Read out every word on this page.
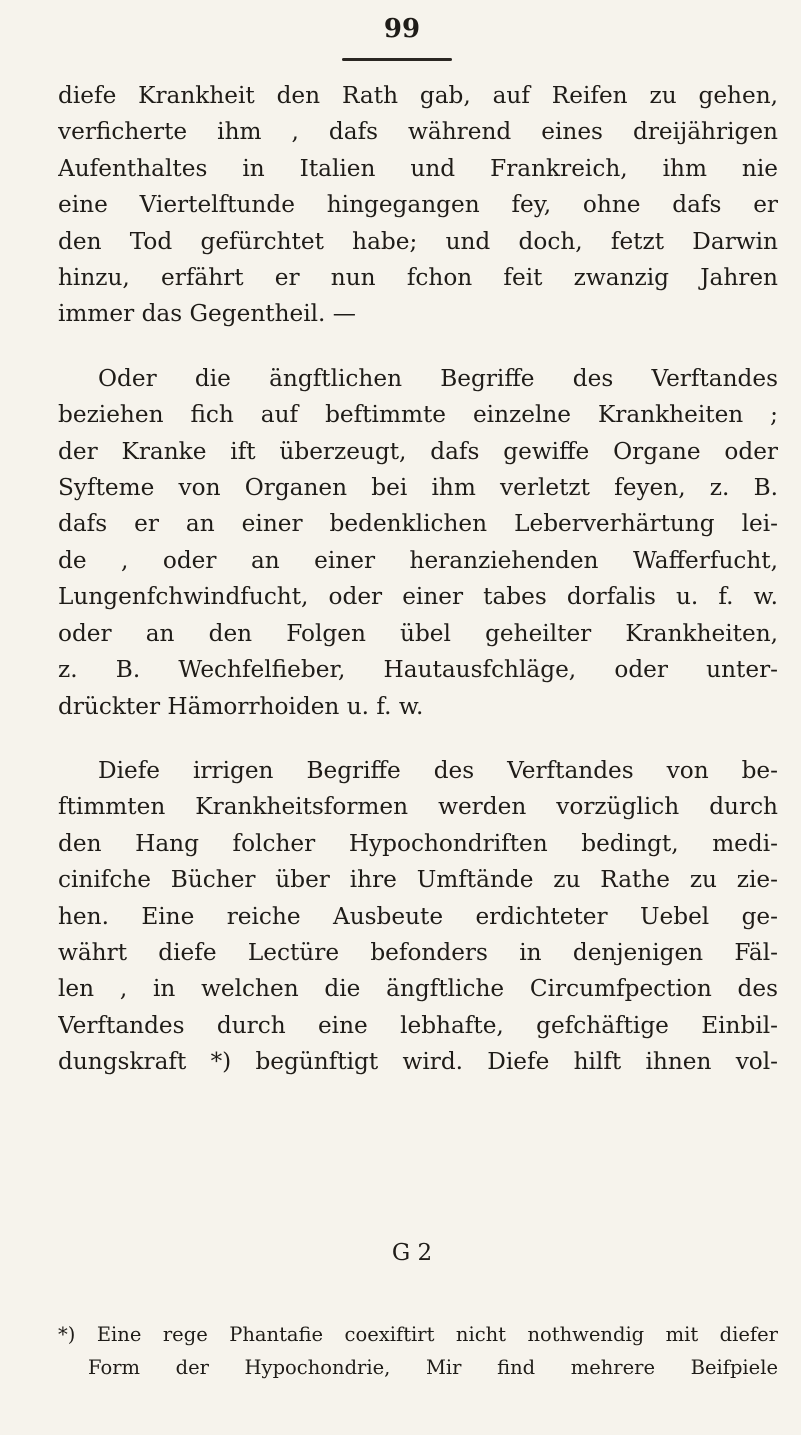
99
diefe Krankheit den Rath gab, auf Reifen zu gehen,
verficherte ihm , dafs während eines dreijährigen
Aufenthaltes in Italien und Frankreich, ihm nie
eine Viertelftunde hingegangen fey, ohne dafs er
den Tod gefürchtet habe; und doch, fetzt Darwin
hinzu, erfährt er nun fchon feit zwanzig Jahren
immer das Gegentheil. —
Oder die ängftlichen Begriffe des Verftandes
beziehen fich auf beftimmte einzelne Krankheiten ;
der Kranke ift überzeugt, dafs gewiffe Organe oder
Syfteme von Organen bei ihm verletzt feyen, z. B.
dafs er an einer bedenklichen Leberverhärtung lei-
de , oder an einer heranziehenden Wafferfucht,
Lungenfchwindfucht, oder einer tabes dorfalis u. f. w.
oder an den Folgen übel geheilter Krankheiten,
z. B. Wechfelfieber, Hautausfchläge, oder unter-
drückter Hämorrhoiden u. f. w.
Diefe irrigen Begriffe des Verftandes von be-
ftimmten Krankheitsformen werden vorzüglich durch
den Hang folcher Hypochondriften bedingt, medi-
cinifche Bücher über ihre Umftände zu Rathe zu zie-
hen. Eine reiche Ausbeute erdichteter Uebel ge-
währt diefe Lectüre befonders in denjenigen Fäl-
len , in welchen die ängftliche Circumfpection des
Verftandes durch eine lebhafte, gefchäftige Einbil-
dungskraft *) begünftigt wird. Diefe hilft ihnen vol-
G 2
*) Eine rege Phantafie coexiftirt nicht nothwendig mit diefer
Form der Hypochondrie, Mir find mehrere Beifpiele
